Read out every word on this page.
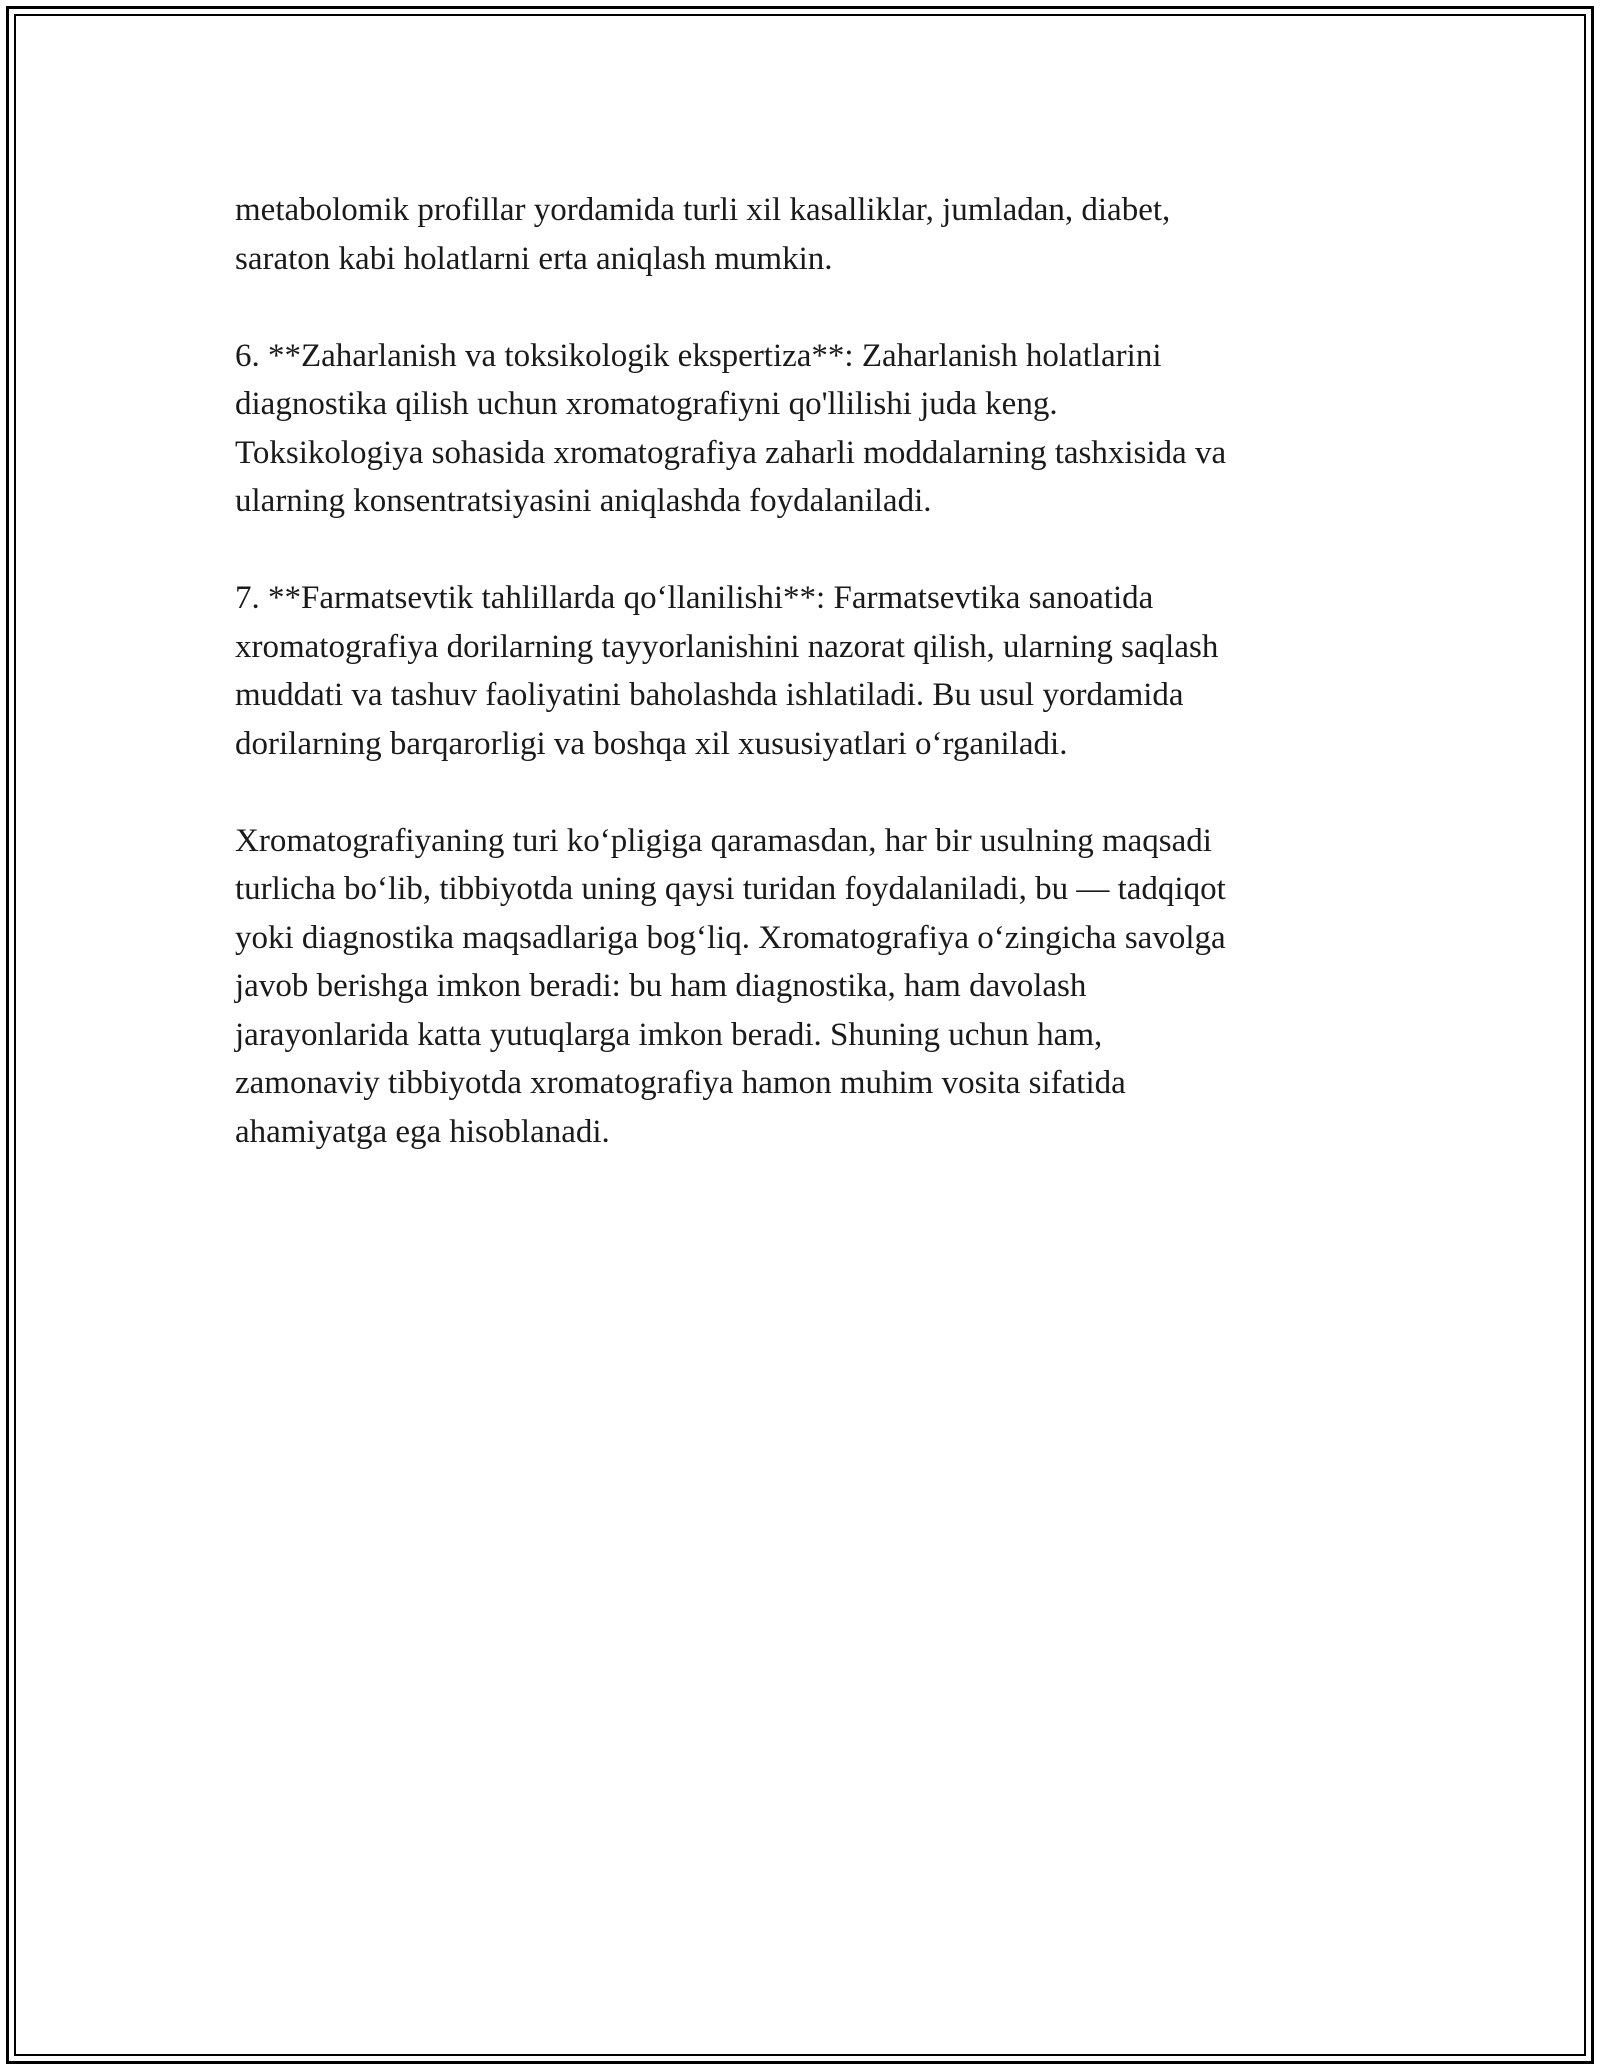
metabolomik profillar yordamida turli xil kasalliklar, jumladan, diabet,
saraton kabi holatlarni erta aniqlash mumkin.

6. **Zaharlanish va toksikologik ekspertiza**: Zaharlanish holatlarini
diagnostika qilish uchun xromatografiyni qo'llilishi juda keng.
Toksikologiya sohasida xromatografiya zaharli moddalarning tashxisida va
ularning konsentratsiyasini aniqlashda foydalaniladi.

7. **Farmatsevtik tahlillarda qo‘llanilishi**: Farmatsevtika sanoatida
xromatografiya dorilarning tayyorlanishini nazorat qilish, ularning saqlash
muddati va tashuv faoliyatini baholashda ishlatiladi. Bu usul yordamida
dorilarning barqarorligi va boshqa xil xususiyatlari o‘rganiladi.

Xromatografiyaning turi ko‘pligiga qaramasdan, har bir usulning maqsadi
turlicha bo‘lib, tibbiyotda uning qaysi turidan foydalaniladi, bu — tadqiqot
yoki diagnostika maqsadlariga bog‘liq. Xromatografiya o‘zingicha savolga
javob berishga imkon beradi: bu ham diagnostika, ham davolash
jarayonlarida katta yutuqlarga imkon beradi. Shuning uchun ham,
zamonaviy tibbiyotda xromatografiya hamon muhim vosita sifatida
ahamiyatga ega hisoblanadi.
